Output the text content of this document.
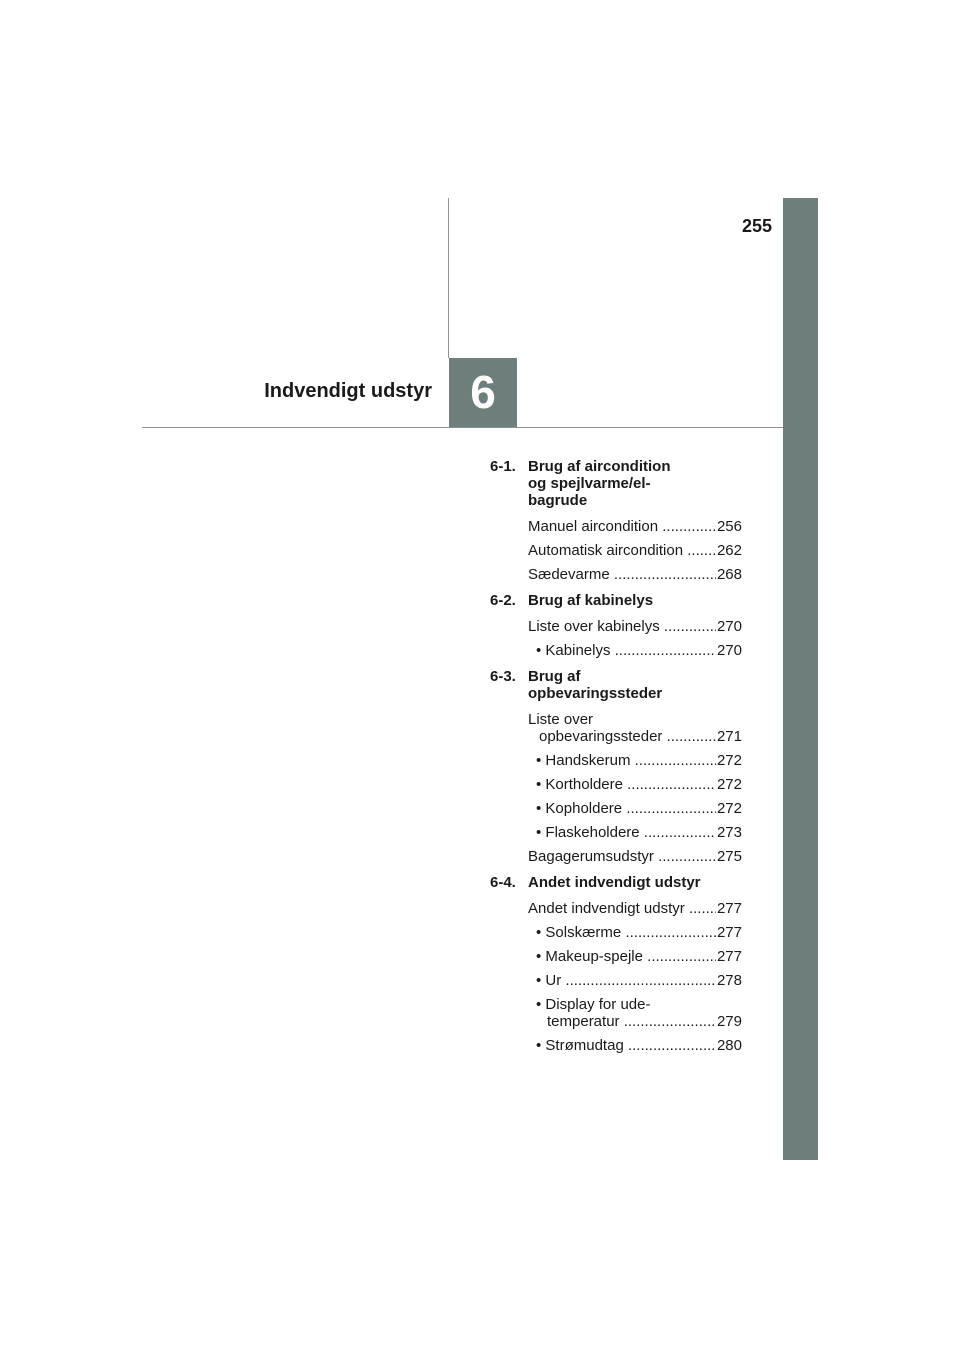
255
Indvendigt udstyr 6
6-1. Brug af aircondition
og spejlvarme/el-
bagrude
Manuel aircondition .....	256
Automatisk aircondition .....	262
Sædevarme .....	268
6-2. Brug af kabinelys
Liste over kabinelys .....	270
• Kabinelys .....	270
6-3. Brug af
opbevaringssteder
Liste over
opbevaringssteder .....	271
• Handskerum .....	272
• Kortholdere .....	272
• Kopholdere .....	272
• Flaskeholdere .....	273
Bagagerumsudstyr .....	275
6-4. Andet indvendigt udstyr
Andet indvendigt udstyr .....	277
• Solskærme .....	277
• Makeup-spejle .....	277
• Ur .....	278
• Display for ude-
temperatur .....	279
• Strømudtag .....	280
